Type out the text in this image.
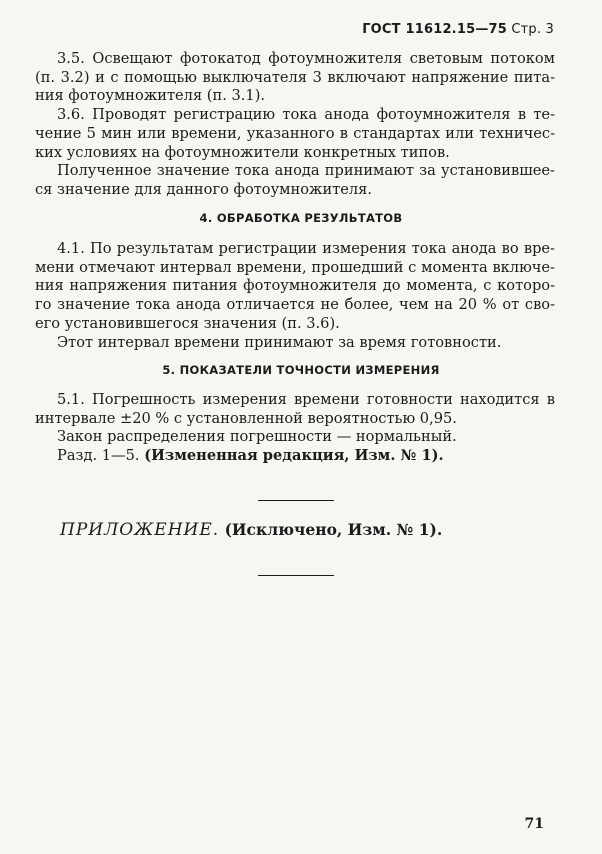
ГОСТ 11612.15—75 Стр. 3

3.5. Освещают фотокатод фотоумножителя световым потоком
(п. 3.2) и с помощью выключателя 3 включают напряжение пита-
ния фотоумножителя (п. 3.1).

3.6. Проводят регистрацию тока анода фотоумножителя в те-
чение 5 мин или времени, указанного в стандартах или техничес-
ких условиях на фотоумножители конкретных типов.

Полученное значение тока анода принимают за установившее-
ся значение для данного фотоумножителя.

4. ОБРАБОТКА РЕЗУЛЬТАТОВ

4.1. По результатам регистрации измерения тока анода во вре-
мени отмечают интервал времени, прошедший с момента включе-
ния напряжения питания фотоумножителя до момента, с которо-
го значение тока анода отличается не более, чем на 20 % от сво-
его установившегося значения (п. 3.6).

Этот интервал времени принимают за время готовности.

5. ПОКАЗАТЕЛИ ТОЧНОСТИ ИЗМЕРЕНИЯ

5.1. Погрешность измерения времени готовности находится в
интервале ±20 % с установленной вероятностью 0,95.

Закон распределения погрешности — нормальный.

Разд. 1—5. (Измененная редакция, Изм. № 1).

ПРИЛОЖЕНИЕ. (Исключено, Изм. № 1).
71
